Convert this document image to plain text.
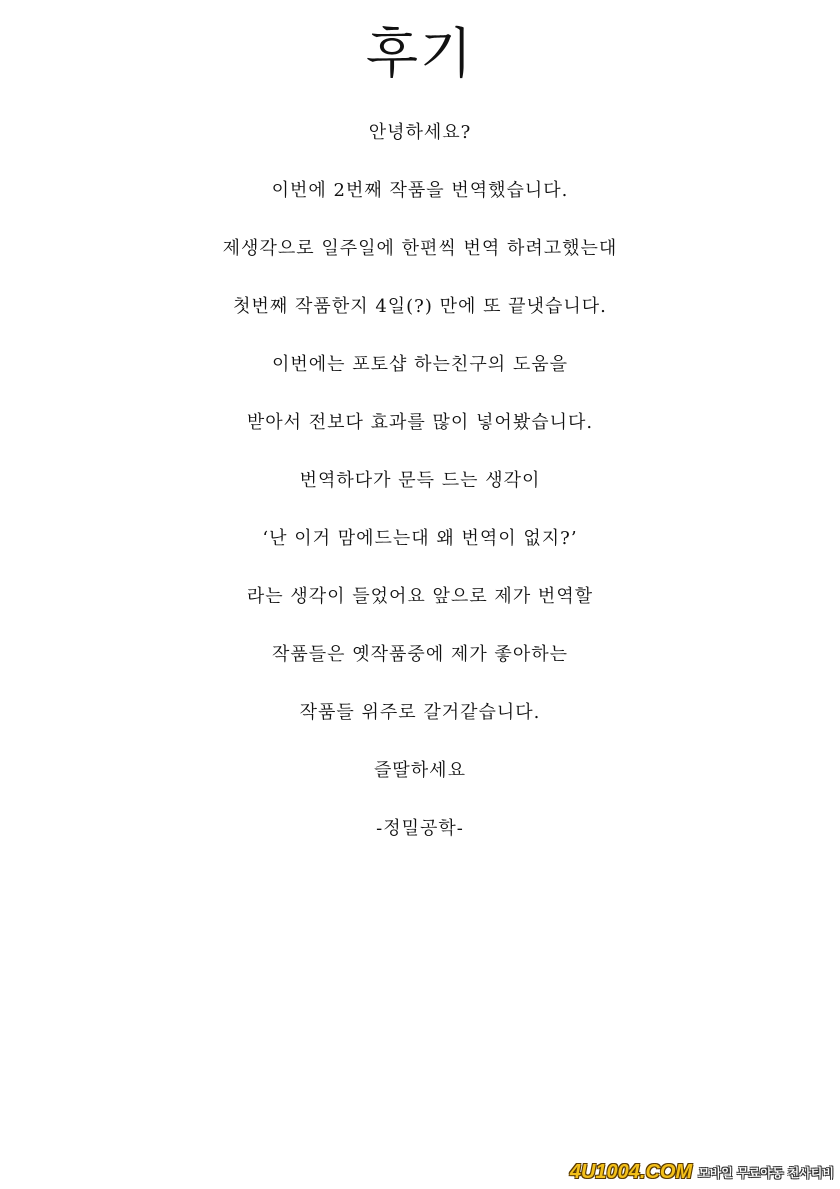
후기
안녕하세요?
이번에 2번째 작품을 번역했습니다.
제생각으로 일주일에 한편씩 번역 하려고했는대
첫번째 작품한지 4일(?) 만에 또 끝냇습니다.
이번에는 포토샵 하는친구의 도움을
받아서 전보다 효과를 많이 넣어봤습니다.
번역하다가 문득 드는 생각이
‘난 이거 맘에드는대 왜 번역이 없지?’
라는 생각이 들었어요 앞으로 제가 번역할
작품들은 옛작품중에 제가 좋아하는
작품들 위주로 갈거같습니다.
즐딸하세요
-정밀공학-
4U1004.COM 모바일 무료야동 천사티비
